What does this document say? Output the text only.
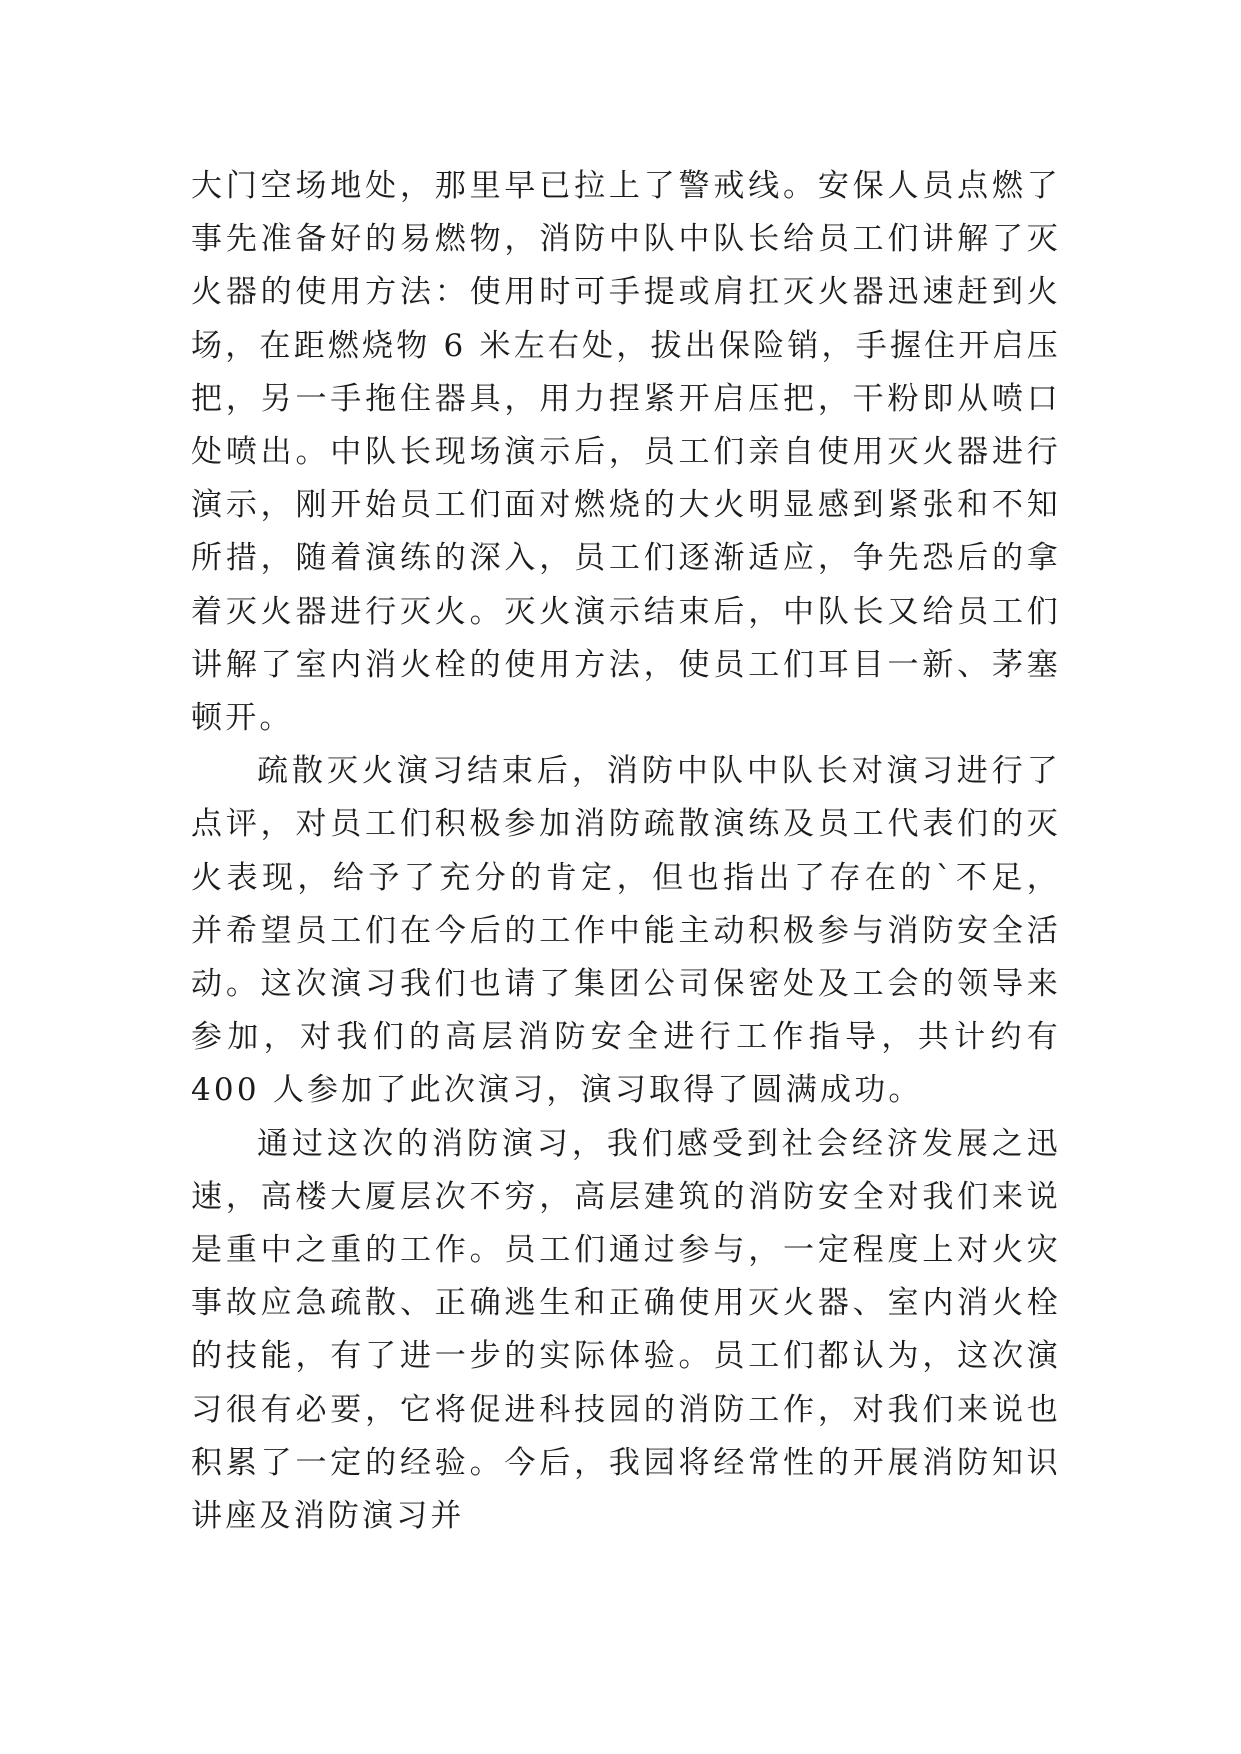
大门空场地处，那里早已拉上了警戒线。安保人员点燃了事先准备好的易燃物，消防中队中队长给员工们讲解了灭火器的使用方法：使用时可手提或肩扛灭火器迅速赶到火场，在距燃烧物 6 米左右处，拔出保险销，手握住开启压把，另一手拖住器具，用力捏紧开启压把，干粉即从喷口处喷出。中队长现场演示后，员工们亲自使用灭火器进行演示，刚开始员工们面对燃烧的大火明显感到紧张和不知所措，随着演练的深入，员工们逐渐适应，争先恐后的拿着灭火器进行灭火。灭火演示结束后，中队长又给员工们讲解了室内消火栓的使用方法，使员工们耳目一新、茅塞顿开。

疏散灭火演习结束后，消防中队中队长对演习进行了点评，对员工们积极参加消防疏散演练及员工代表们的灭火表现，给予了充分的肯定，但也指出了存在的`不足，并希望员工们在今后的工作中能主动积极参与消防安全活动。这次演习我们也请了集团公司保密处及工会的领导来参加，对我们的高层消防安全进行工作指导，共计约有 400 人参加了此次演习，演习取得了圆满成功。

通过这次的消防演习，我们感受到社会经济发展之迅速，高楼大厦层次不穷，高层建筑的消防安全对我们来说是重中之重的工作。员工们通过参与，一定程度上对火灾事故应急疏散、正确逃生和正确使用灭火器、室内消火栓的技能，有了进一步的实际体验。员工们都认为，这次演习很有必要，它将促进科技园的消防工作，对我们来说也积累了一定的经验。今后，我园将经常性的开展消防知识讲座及消防演习并
